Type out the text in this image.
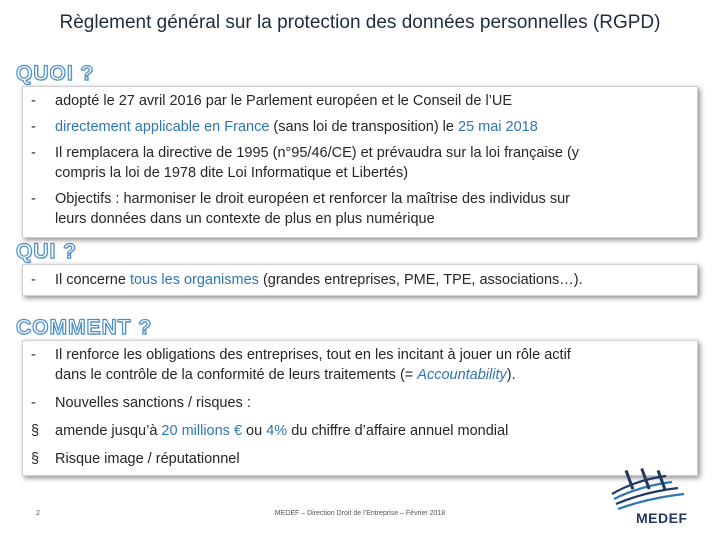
Règlement général sur la protection des données personnelles (RGPD)
QUOI ?
-	adopté le 27 avril 2016 par le Parlement européen et le Conseil de l’UE
-	directement applicable en France (sans loi de transposition) le 25 mai 2018
-	Il remplacera la directive de 1995 (n°95/46/CE) et prévaudra sur la loi française (y
compris la loi de 1978 dite Loi Informatique et Libertés)
-	Objectifs : harmoniser le droit européen et renforcer la maîtrise des individus sur
leurs données dans un contexte de plus en plus numérique
QUI ?
-	Il concerne tous les organismes (grandes entreprises, PME, TPE, associations…).
COMMENT ?
-	Il renforce les obligations des entreprises, tout en les incitant à jouer un rôle actif
dans le contrôle de la conformité de leurs traitements (= Accountability).
-	Nouvelles sanctions / risques :
§	amende jusqu’à 20 millions € ou 4% du chiffre d’affaire annuel mondial
§	Risque image / réputationnel
2	MEDEF – Direction Droit de l’Entreprise – Février 2018	MEDEF
